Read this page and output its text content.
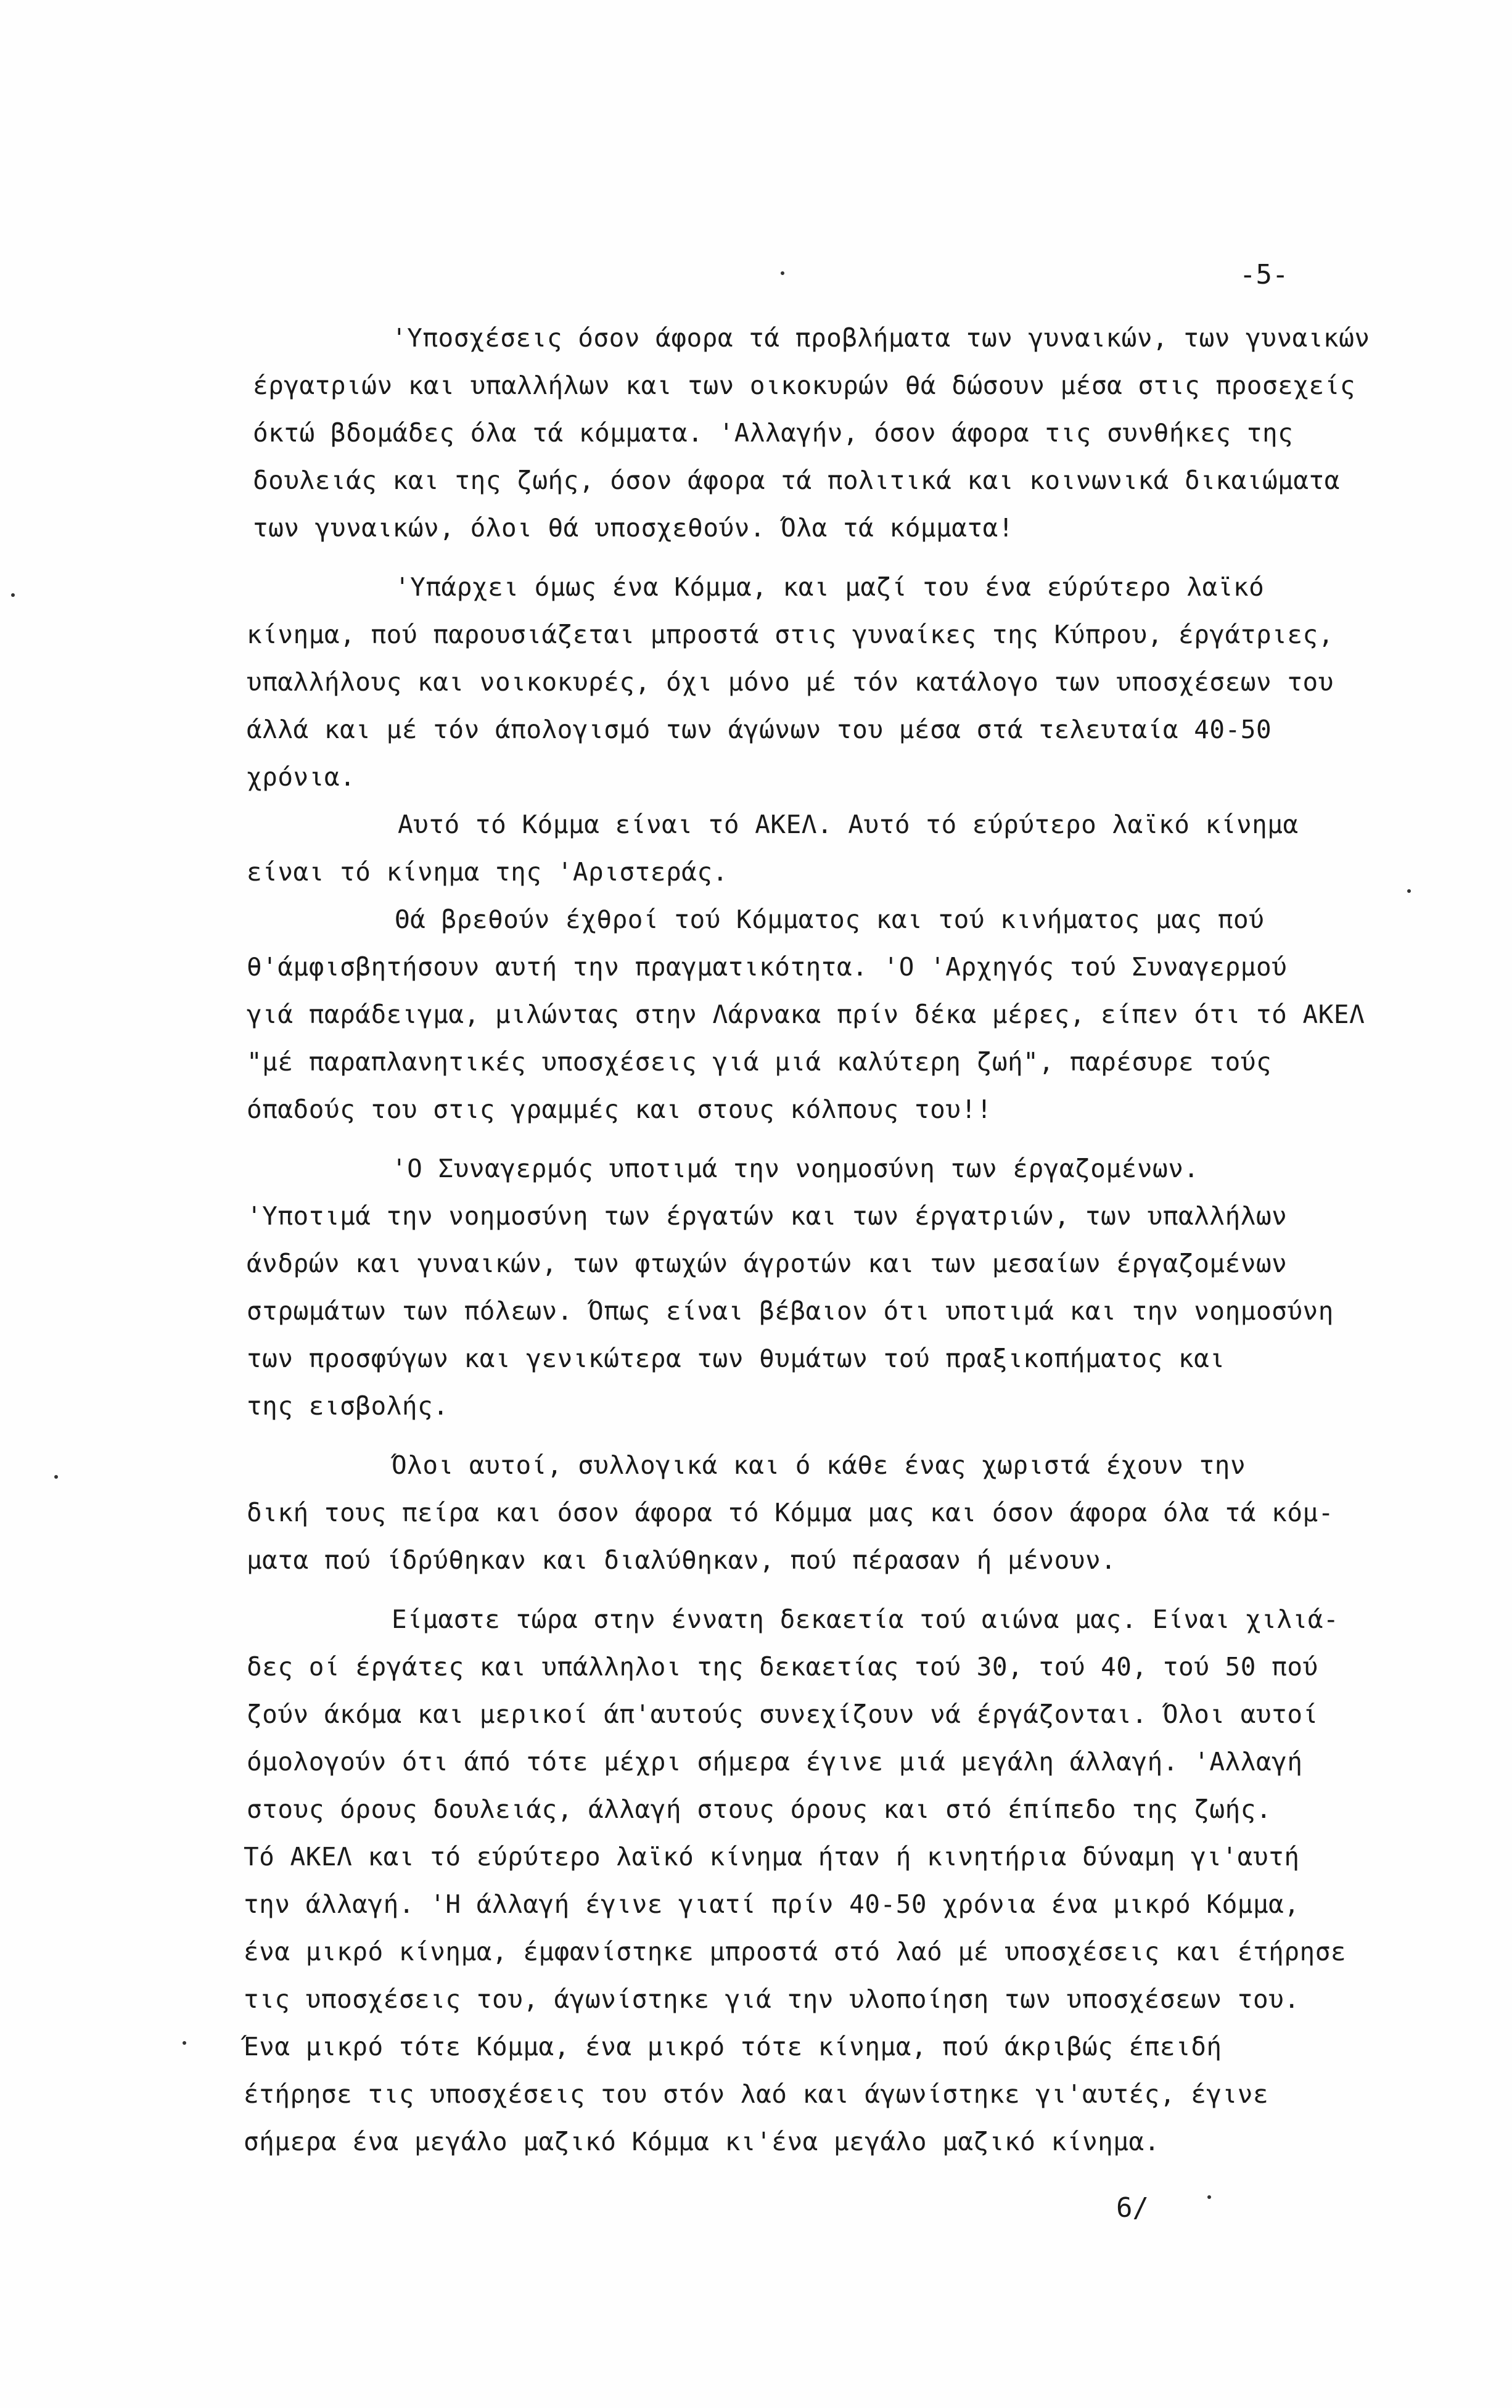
-5-
'Υποσχέσεις όσον άφορα τά προβλήματα των γυναικών, των γυναικών
έργατριών και υπαλλήλων και των οικοκυρών θά δώσουν μέσα στις προσεχείς
όκτώ βδομάδες όλα τά κόμματα. 'Αλλαγήν, όσον άφορα τις συνθήκες της
δουλειάς και της ζωής, όσον άφορα τά πολιτικά και κοινωνικά δικαιώματα
των γυναικών, όλοι θά υποσχεθούν. Όλα τά κόμματα!
'Υπάρχει όμως ένα Κόμμα, και μαζί του ένα εύρύτερο λαϊκό
κίνημα, πού παρουσιάζεται μπροστά στις γυναίκες της Κύπρου, έργάτριες,
υπαλλήλους και νοικοκυρές, όχι μόνο μέ τόν κατάλογο των υποσχέσεων του
άλλά και μέ τόν άπολογισμό των άγώνων του μέσα στά τελευταία 40-50
χρόνια.
Αυτό τό Κόμμα είναι τό ΑΚΕΛ. Αυτό τό εύρύτερο λαϊκό κίνημα
είναι τό κίνημα της 'Αριστεράς.
Θά βρεθούν έχθροί τού Κόμματος και τού κινήματος μας πού
θ'άμφισβητήσουν αυτή την πραγματικότητα. 'Ο 'Αρχηγός τού Συναγερμού
γιά παράδειγμα, μιλώντας στην Λάρνακα πρίν δέκα μέρες, είπεν ότι τό ΑΚΕΛ
"μέ παραπλανητικές υποσχέσεις γιά μιά καλύτερη ζωή", παρέσυρε τούς
όπαδούς του στις γραμμές και στους κόλπους του!!
'Ο Συναγερμός υποτιμά την νοημοσύνη των έργαζομένων.
'Υποτιμά την νοημοσύνη των έργατών και των έργατριών, των υπαλλήλων
άνδρών και γυναικών, των φτωχών άγροτών και των μεσαίων έργαζομένων
στρωμάτων των πόλεων. Όπως είναι βέβαιον ότι υποτιμά και την νοημοσύνη
των προσφύγων και γενικώτερα των θυμάτων τού πραξικοπήματος και
της εισβολής.
Όλοι αυτοί, συλλογικά και ό κάθε ένας χωριστά έχουν την
δική τους πείρα και όσον άφορα τό Κόμμα μας και όσον άφορα όλα τά κόμ-
ματα πού ίδρύθηκαν και διαλύθηκαν, πού πέρασαν ή μένουν.
Είμαστε τώρα στην έννατη δεκαετία τού αιώνα μας. Είναι χιλιά-
δες οί έργάτες και υπάλληλοι της δεκαετίας τού 30, τού 40, τού 50 πού
ζούν άκόμα και μερικοί άπ'αυτούς συνεχίζουν νά έργάζονται. Όλοι αυτοί
όμολογούν ότι άπό τότε μέχρι σήμερα έγινε μιά μεγάλη άλλαγή. 'Αλλαγή
στους όρους δουλειάς, άλλαγή στους όρους και στό έπίπεδο της ζωής.
Τό ΑΚΕΛ και τό εύρύτερο λαϊκό κίνημα ήταν ή κινητήρια δύναμη γι'αυτή
την άλλαγή. 'Η άλλαγή έγινε γιατί πρίν 40-50 χρόνια ένα μικρό Κόμμα,
ένα μικρό κίνημα, έμφανίστηκε μπροστά στό λαό μέ υποσχέσεις και έτήρησε
τις υποσχέσεις του, άγωνίστηκε γιά την υλοποίηση των υποσχέσεων του.
Ένα μικρό τότε Κόμμα, ένα μικρό τότε κίνημα, πού άκριβώς έπειδή
έτήρησε τις υποσχέσεις του στόν λαό και άγωνίστηκε γι'αυτές, έγινε
σήμερα ένα μεγάλο μαζικό Κόμμα κι'ένα μεγάλο μαζικό κίνημα.
6/
